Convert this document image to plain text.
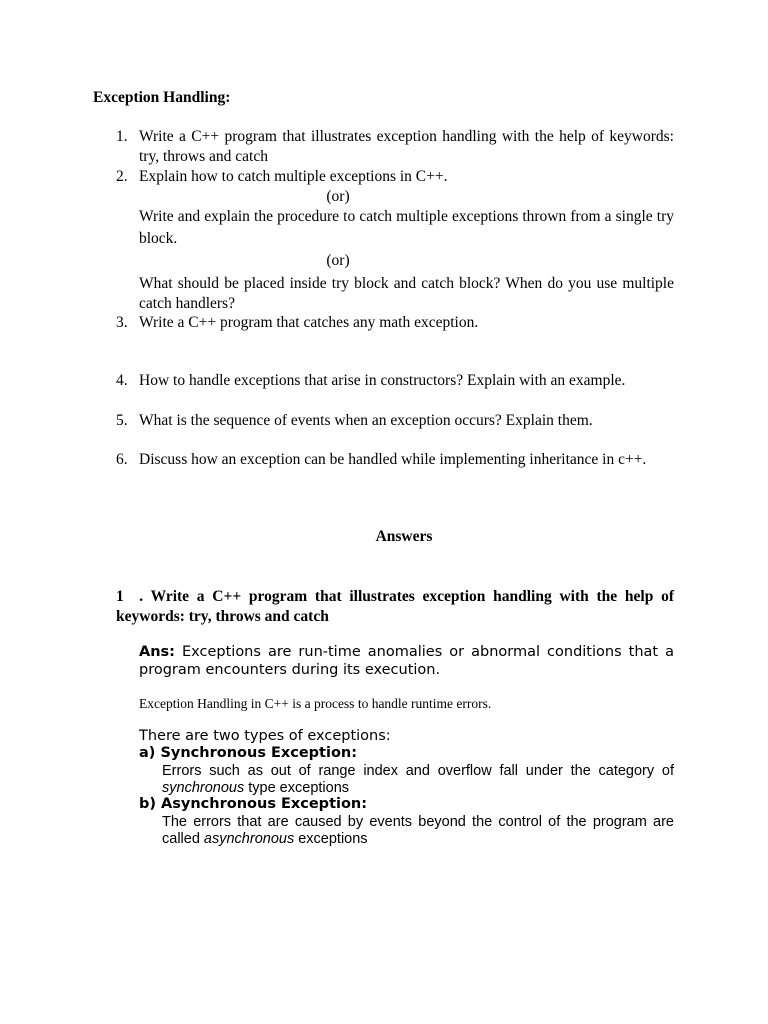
Exception Handling:
1. Write a C++ program that illustrates exception handling with the help of keywords: try, throws and catch
2. Explain how to catch multiple exceptions in C++.
(or)
Write and explain the procedure to catch multiple exceptions thrown from a single try block.
(or)
What should be placed inside try block and catch block? When do you use multiple catch handlers?
3. Write a C++ program that catches any math exception.
4. How to handle exceptions that arise in constructors? Explain with an example.
5. What is the sequence of events when an exception occurs? Explain them.
6. Discuss how an exception can be handled while implementing inheritance in c++.
Answers
1 . Write a C++ program that illustrates exception handling with the help of keywords: try, throws and catch
Ans: Exceptions are run-time anomalies or abnormal conditions that a program encounters during its execution.
Exception Handling in C++ is a process to handle runtime errors.
There are two types of exceptions:
a) Synchronous Exception:
Errors such as out of range index and overflow fall under the category of synchronous type exceptions
b) Asynchronous Exception:
The errors that are caused by events beyond the control of the program are called asynchronous exceptions
